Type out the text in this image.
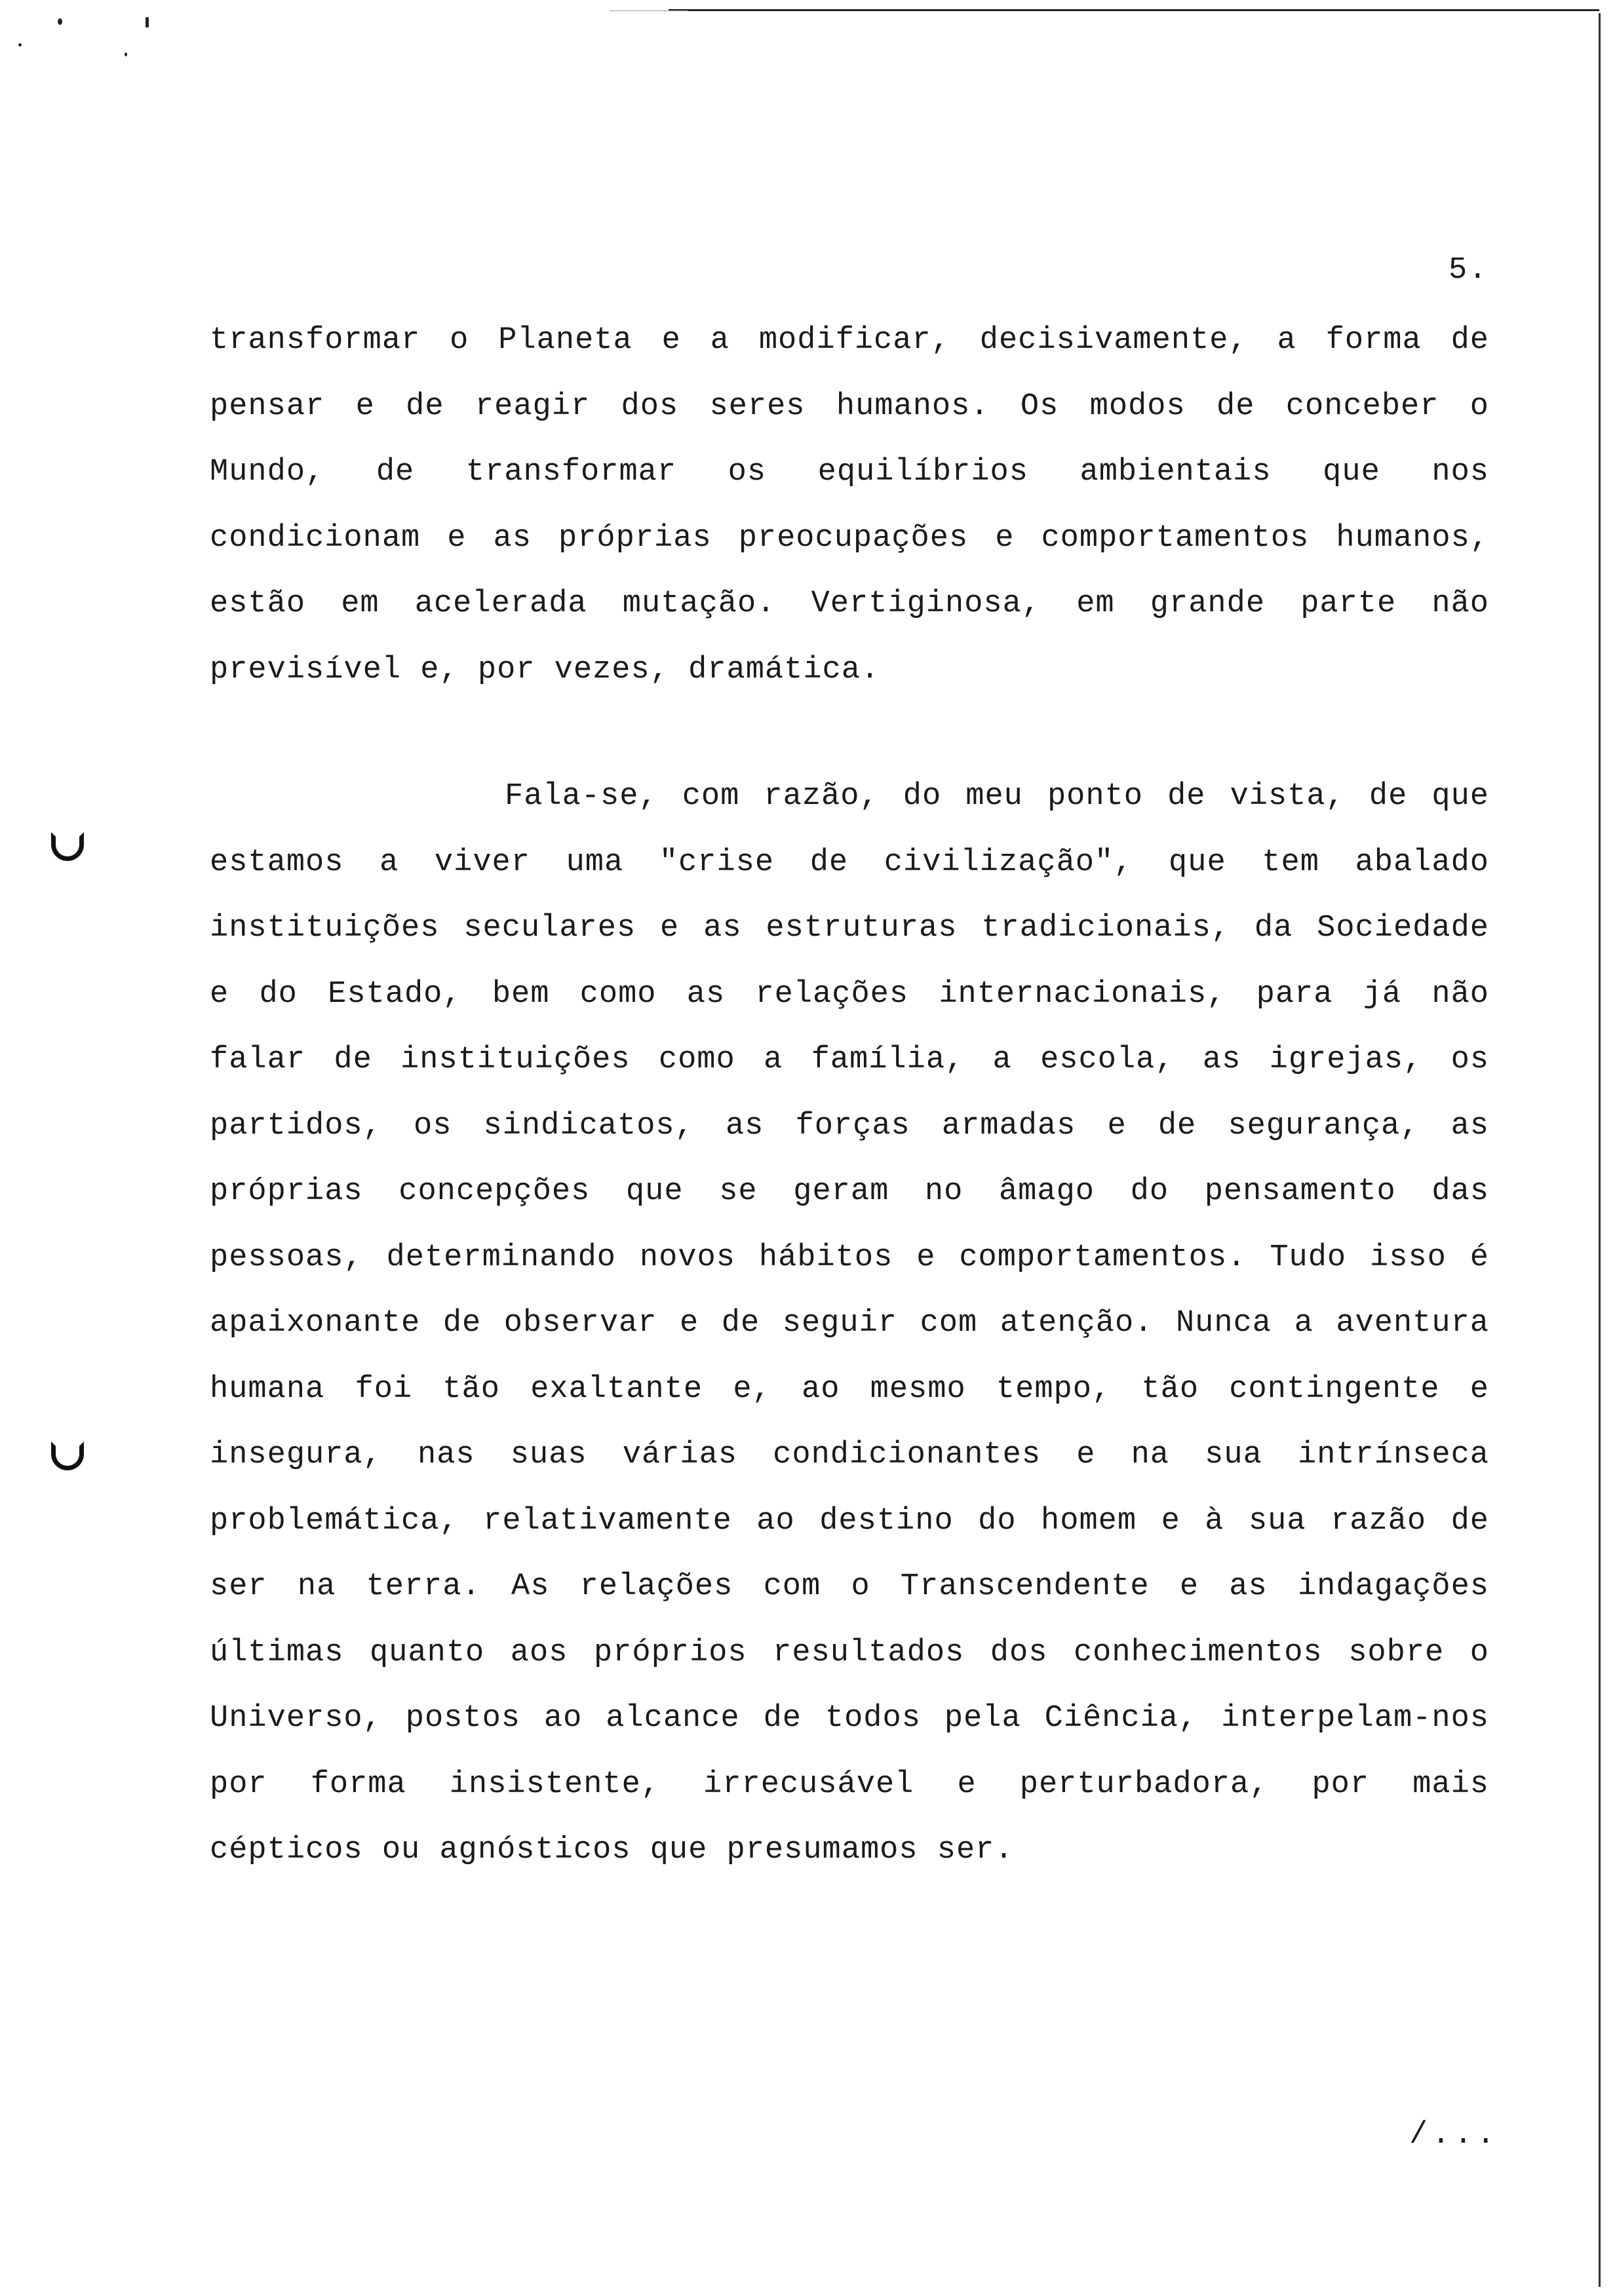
5.
transformar o Planeta e a modificar, decisivamente, a forma de
pensar e de reagir dos seres humanos. Os modos de conceber o
Mundo, de transformar os equilíbrios ambientais que nos
condicionam e as próprias preocupações e comportamentos humanos,
estão em acelerada mutação. Vertiginosa, em grande parte não
previsível e, por vezes, dramática.
Fala-se, com razão, do meu ponto de vista, de que
estamos a viver uma "crise de civilização", que tem abalado
instituições seculares e as estruturas tradicionais, da Sociedade
e do Estado, bem como as relações internacionais, para já não
falar de instituições como a família, a escola, as igrejas, os
partidos, os sindicatos, as forças armadas e de segurança, as
próprias concepções que se geram no âmago do pensamento das
pessoas, determinando novos hábitos e comportamentos. Tudo isso é
apaixonante de observar e de seguir com atenção. Nunca a aventura
humana foi tão exaltante e, ao mesmo tempo, tão contingente e
insegura, nas suas várias condicionantes e na sua intrínseca
problemática, relativamente ao destino do homem e à sua razão de
ser na terra. As relações com o Transcendente e as indagações
últimas quanto aos próprios resultados dos conhecimentos sobre o
Universo, postos ao alcance de todos pela Ciência, interpelam-nos
por forma insistente, irrecusável e perturbadora, por mais
cépticos ou agnósticos que presumamos ser.
/...
